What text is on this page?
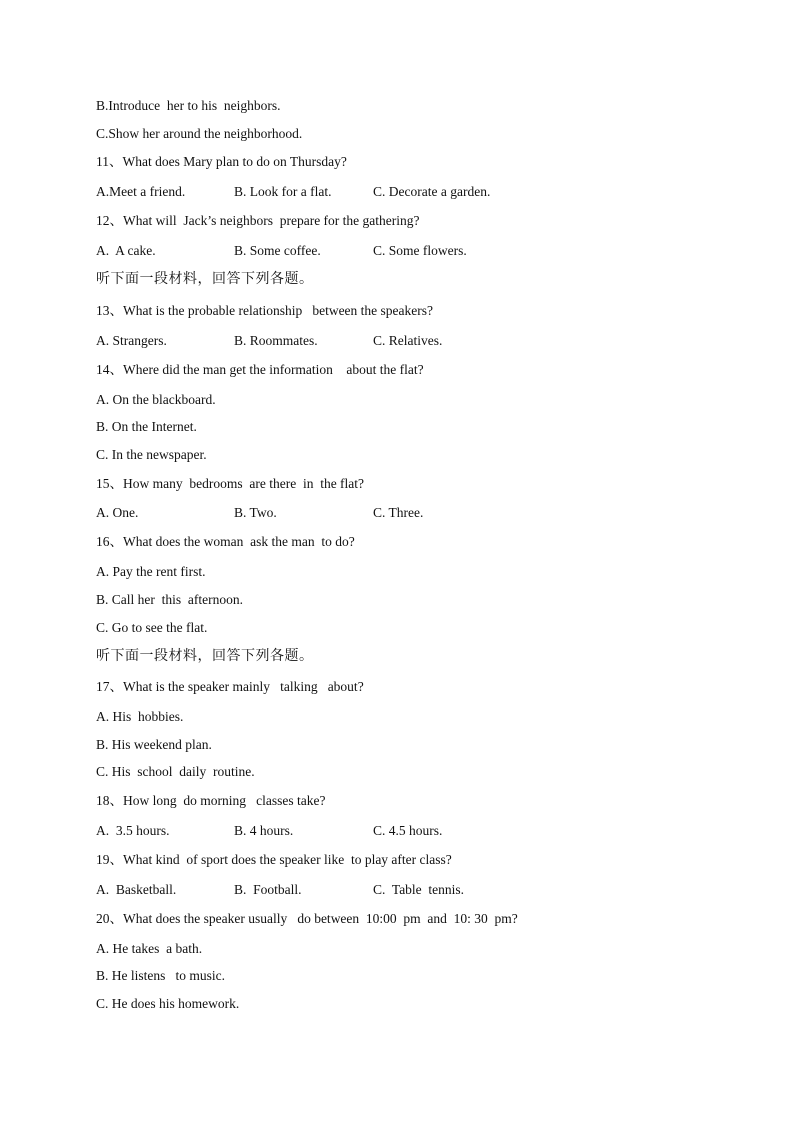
B.Introduce  her to his  neighbors.
C.Show her around the neighborhood.
11、What does Mary plan to do on Thursday?
A.Meet a friend.	B. Look for a flat.	C. Decorate a garden.
12、What will  Jack’s neighbors  prepare for the gathering?
A.  A cake.	B. Some coffee.	C. Some flowers.
听下面一段材料，回答下列各题。
13、What is the probable relationship   between the speakers?
A. Strangers.	B. Roommates.	C. Relatives.
14、Where did the man get the information    about the flat?
A. On the blackboard.
B. On the Internet.
C. In the newspaper.
15、How many  bedrooms  are there  in  the flat?
A. One.	B. Two.	C. Three.
16、What does the woman  ask the man  to do?
A. Pay the rent first.
B. Call her  this  afternoon.
C. Go to see the flat.
听下面一段材料，回答下列各题。
17、What is the speaker mainly   talking   about?
A. His  hobbies.
B. His weekend plan.
C. His  school  daily  routine.
18、How long  do morning   classes take?
A.  3.5 hours.	B. 4 hours.	C. 4.5 hours.
19、What kind  of sport does the speaker like  to play after class?
A.  Basketball.	B.  Football.	C.  Table  tennis.
20、What does the speaker usually   do between  10:00  pm  and  10: 30  pm?
A. He takes  a bath.
B. He listens   to music.
C. He does his homework.
